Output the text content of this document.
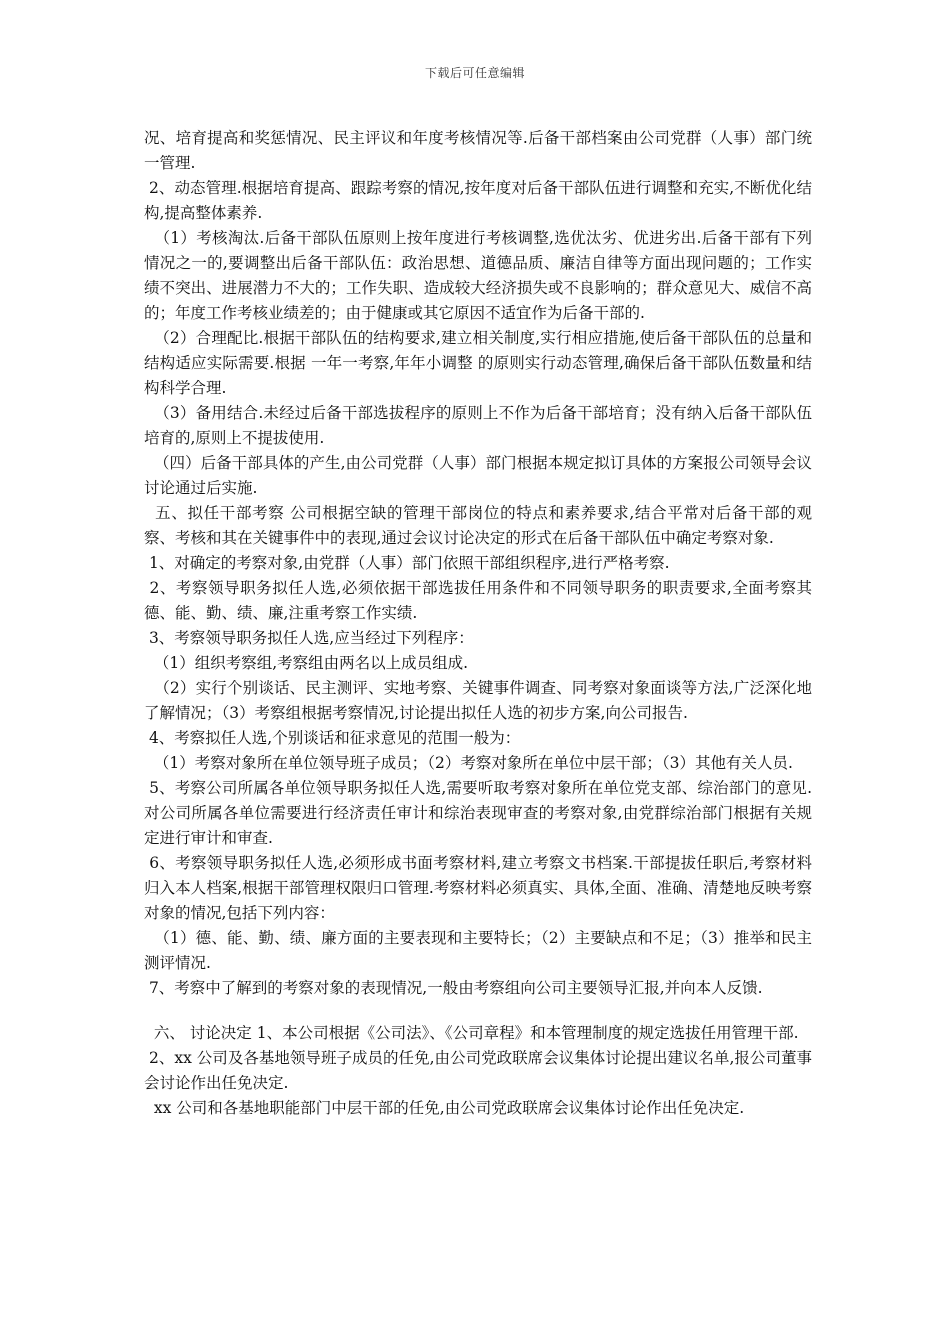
下载后可任意编辑

况、培育提高和奖惩情况、民主评议和年度考核情况等.后备干部档案由公司党群（人事）部门统一管理.

2、动态管理.根据培育提高、跟踪考察的情况,按年度对后备干部队伍进行调整和充实,不断优化结构,提高整体素养.

（1）考核淘汰.后备干部队伍原则上按年度进行考核调整,选优汰劣、优进劣出.后备干部有下列情况之一的,要调整出后备干部队伍：政治思想、道德品质、廉洁自律等方面出现问题的；工作实绩不突出、进展潜力不大的；工作失职、造成较大经济损失或不良影响的；群众意见大、威信不高的；年度工作考核业绩差的；由于健康或其它原因不适宜作为后备干部的.

（2）合理配比.根据干部队伍的结构要求,建立相关制度,实行相应措施,使后备干部队伍的总量和结构适应实际需要.根据 一年一考察,年年小调整 的原则实行动态管理,确保后备干部队伍数量和结构科学合理.

（3）备用结合.未经过后备干部选拔程序的原则上不作为后备干部培育；没有纳入后备干部队伍培育的,原则上不提拔使用.

（四）后备干部具体的产生,由公司党群（人事）部门根据本规定拟订具体的方案报公司领导会议讨论通过后实施.

五、拟任干部考察 公司根据空缺的管理干部岗位的特点和素养要求,结合平常对后备干部的观察、考核和其在关键事件中的表现,通过会议讨论决定的形式在后备干部队伍中确定考察对象.

1、对确定的考察对象,由党群（人事）部门依照干部组织程序,进行严格考察.

2、考察领导职务拟任人选,必须依据干部选拔任用条件和不同领导职务的职责要求,全面考察其德、能、勤、绩、廉,注重考察工作实绩.

3、考察领导职务拟任人选,应当经过下列程序：

（1）组织考察组,考察组由两名以上成员组成.

（2）实行个别谈话、民主测评、实地考察、关键事件调查、同考察对象面谈等方法,广泛深化地了解情况；（3）考察组根据考察情况,讨论提出拟任人选的初步方案,向公司报告.

4、考察拟任人选,个别谈话和征求意见的范围一般为：

（1）考察对象所在单位领导班子成员；（2）考察对象所在单位中层干部；（3）其他有关人员.

5、考察公司所属各单位领导职务拟任人选,需要听取考察对象所在单位党支部、综治部门的意见.对公司所属各单位需要进行经济责任审计和综治表现审查的考察对象,由党群综治部门根据有关规定进行审计和审查.

6、考察领导职务拟任人选,必须形成书面考察材料,建立考察文书档案.干部提拔任职后,考察材料归入本人档案,根据干部管理权限归口管理.考察材料必须真实、具体,全面、准确、清楚地反映考察对象的情况,包括下列内容：

（1）德、能、勤、绩、廉方面的主要表现和主要特长；（2）主要缺点和不足；（3）推举和民主测评情况.

7、考察中了解到的考察对象的表现情况,一般由考察组向公司主要领导汇报,并向本人反馈.

六、 讨论决定 1、本公司根据《公司法》、《公司章程》和本管理制度的规定选拔任用管理干部.

2、xx 公司及各基地领导班子成员的任免,由公司党政联席会议集体讨论提出建议名单,报公司董事会讨论作出任免决定.

xx 公司和各基地职能部门中层干部的任免,由公司党政联席会议集体讨论作出任免决定.
